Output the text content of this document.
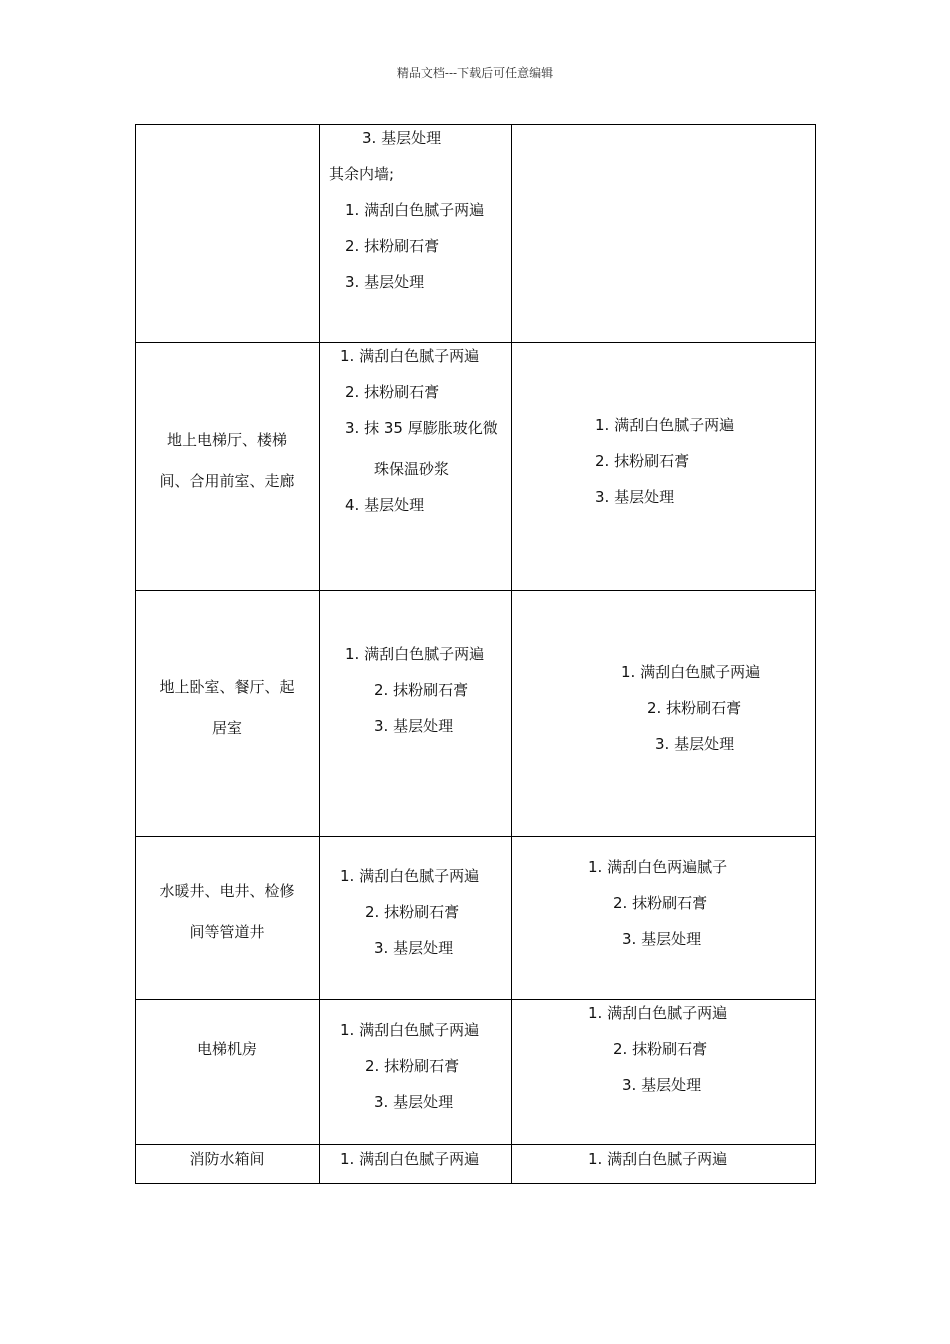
精品文档---下载后可任意编辑
3. 基层处理
其余内墙;
1. 满刮白色腻子两遍
2. 抹粉刷石膏
3. 基层处理
地上电梯厅、楼梯
间、合用前室、走廊
1. 满刮白色腻子两遍
2. 抹粉刷石膏
3. 抹 35 厚膨胀玻化微
珠保温砂浆
4. 基层处理
1. 满刮白色腻子两遍
2. 抹粉刷石膏
3. 基层处理
地上卧室、餐厅、起
居室
1. 满刮白色腻子两遍
2. 抹粉刷石膏
3. 基层处理
1. 满刮白色腻子两遍
2. 抹粉刷石膏
3. 基层处理
水暖井、电井、检修
间等管道井
1. 满刮白色腻子两遍
2. 抹粉刷石膏
3. 基层处理
1. 满刮白色两遍腻子
2. 抹粉刷石膏
3. 基层处理
电梯机房
1. 满刮白色腻子两遍
2. 抹粉刷石膏
3. 基层处理
1. 满刮白色腻子两遍
2. 抹粉刷石膏
3. 基层处理
消防水箱间	1. 满刮白色腻子两遍	1. 满刮白色腻子两遍
